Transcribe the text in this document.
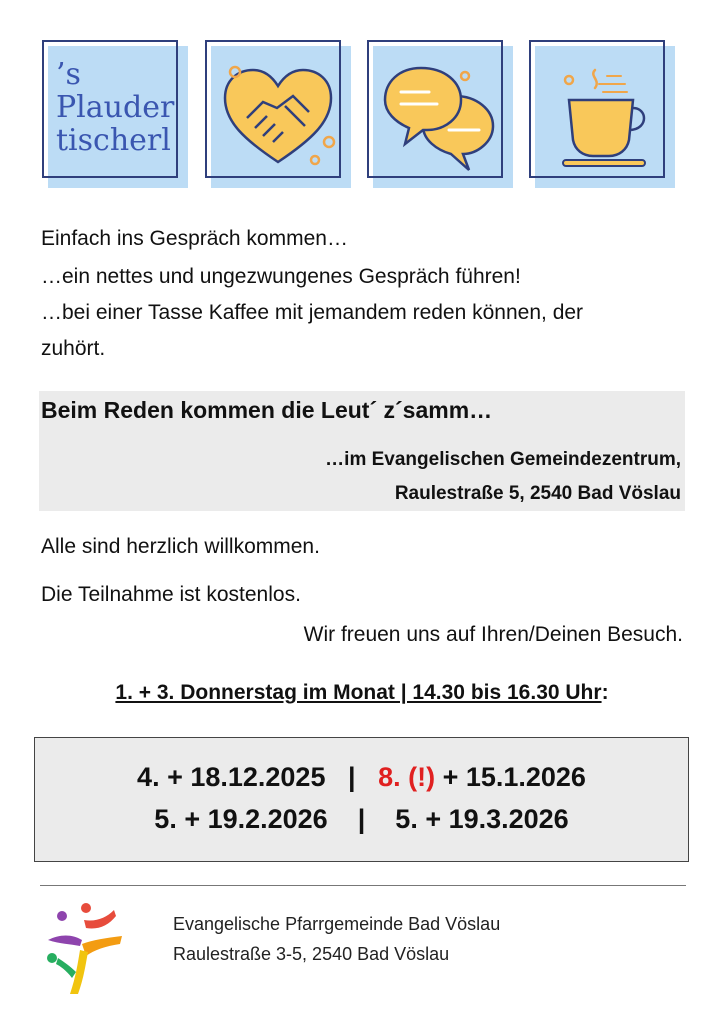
’s
Plauder
tischerl

Einfach ins Gespräch kommen…

…ein nettes und ungezwungenes Gespräch führen!

…bei einer Tasse Kaffee mit jemandem reden können, der

zuhört.

Beim Reden kommen die Leut´ z´samm…
…im Evangelischen Gemeindezentrum,
Raulestraße 5, 2540 Bad Vöslau
Alle sind herzlich willkommen.
Die Teilnahme ist kostenlos.
Wir freuen uns auf Ihren/Deinen Besuch.
1. + 3. Donnerstag im Monat | 14.30 bis 16.30 Uhr:
4. + 18.12.2025 | 8. (!) + 15.1.2026
5. + 19.2.2026 | 5. + 19.3.2026
Evangelische Pfarrgemeinde Bad Vöslau
Raulestraße 3-5, 2540 Bad Vöslau
